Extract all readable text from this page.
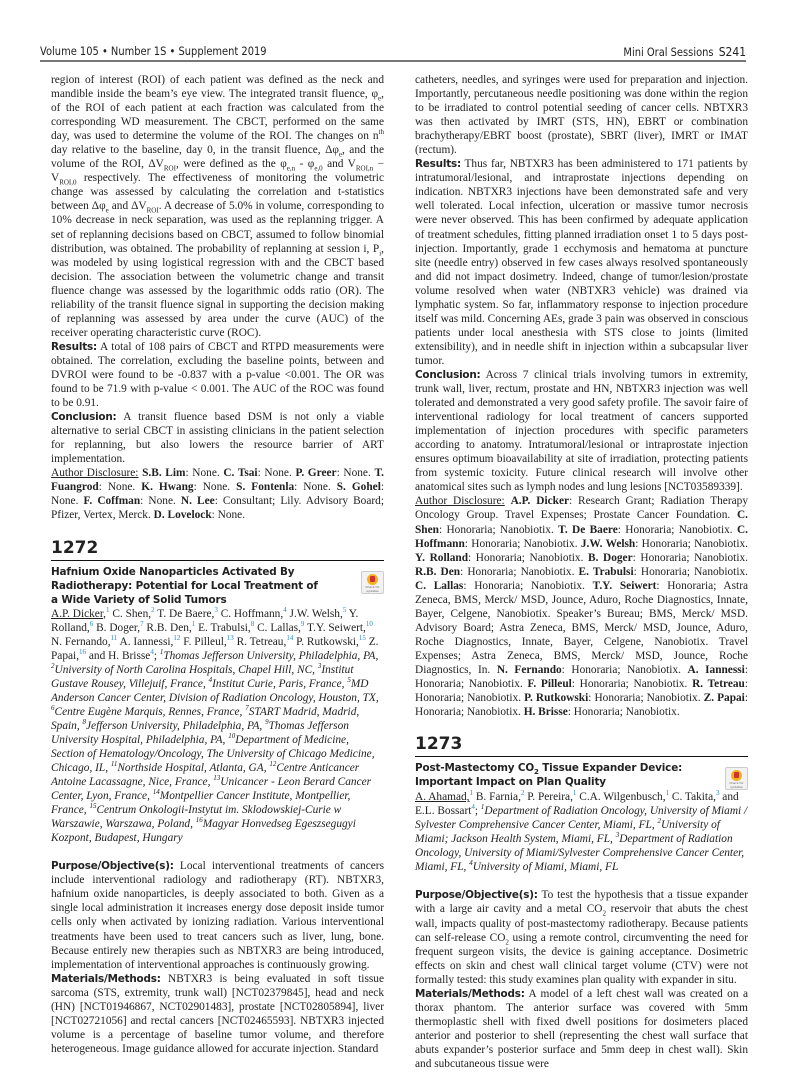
Volume 105 • Number 1S • Supplement 2019	Mini Oral Sessions S241

region of interest (ROI) of each patient was defined as the neck and mandible inside the beam’s eye view. The integrated transit fluence, $\varphi_e$, of the ROI of each patient at each fraction was calculated from the corresponding WD measurement. The CBCT, performed on the same day, was used to determine the volume of the ROI. The changes on $n^{th}$ day relative to the baseline, day 0, in the transit fluence, $\Delta\varphi_e$, and the volume of the ROI, $\Delta V_{ROI}$, were defined as the $\varphi_{e,n} - \varphi_{e,0}$ and $V_{ROI,n} - V_{ROI,0}$ respectively. The effectiveness of monitoring the volumetric change was assessed by calculating the correlation and t-statistics between $\Delta\varphi_e$ and $\Delta V_{ROI}$. A decrease of 5.0% in volume, corresponding to 10% decrease in neck separation, was used as the replanning trigger. A set of replanning decisions based on CBCT, assumed to follow binomial distribution, was obtained. The probability of replanning at session i, $P_i$, was modeled by using logistical regression with and the CBCT based decision. The association between the volumetric change and transit fluence change was assessed by the logarithmic odds ratio (OR). The reliability of the transit fluence signal in supporting the decision making of replanning was assessed by area under the curve (AUC) of the receiver operating characteristic curve (ROC).

Results: A total of 108 pairs of CBCT and RTPD measurements were obtained. The correlation, excluding the baseline points, between and DVROI were found to be -0.837 with a p-value <0.001. The OR was found to be 71.9 with p-value < 0.001. The AUC of the ROC was found to be 0.91.

Conclusion: A transit fluence based DSM is not only a viable alternative to serial CBCT in assisting clinicians in the patient selection for replanning, but also lowers the resource barrier of ART implementation.

Author Disclosure: S.B. Lim: None. C. Tsai: None. P. Greer: None. T. Fuangrod: None. K. Hwang: None. S. Fontenla: None. S. Gohel: None. F. Coffman: None. N. Lee: Consultant; Lily. Advisory Board; Pfizer, Vertex, Merck. D. Lovelock: None.

1272
Hafnium Oxide Nanoparticles Activated By Radiotherapy: Potential for Local Treatment of a Wide Variety of Solid Tumors
Check for updates

A.P. Dicker,$^1$ C. Shen,$^2$ T. De Baere,$^3$ C. Hoffmann,$^4$ J.W. Welsh,$^5$ Y. Rolland,$^6$ B. Doger,$^7$ R.B. Den,$^1$ E. Trabulsi,$^8$ C. Lallas,$^9$ T.Y. Seiwert,$^{10}$ N. Fernando,$^{11}$ A. Iannessi,$^{12}$ F. Pilleul,$^{13}$ R. Tetreau,$^{14}$ P. Rutkowski,$^{15}$ Z. Papai,$^{16}$ and H. Brisse$^4$; $^1$Thomas Jefferson University, Philadelphia, PA, $^2$University of North Carolina Hospitals, Chapel Hill, NC, $^3$Institut Gustave Rousey, Villejuif, France, $^4$Institut Curie, Paris, France, $^5$MD Anderson Cancer Center, Division of Radiation Oncology, Houston, TX, $^6$Centre Eugène Marquis, Rennes, France, $^7$START Madrid, Madrid, Spain, $^8$Jefferson University, Philadelphia, PA, $^9$Thomas Jefferson University Hospital, Philadelphia, PA, $^{10}$Department of Medicine, Section of Hematology/Oncology, The University of Chicago Medicine, Chicago, IL, $^{11}$Northside Hospital, Atlanta, GA, $^{12}$Centre Anticancer Antoine Lacassagne, Nice, France, $^{13}$Unicancer - Leon Berard Cancer Center, Lyon, France, $^{14}$Montpellier Cancer Institute, Montpellier, France, $^{15}$Centrum Onkologii-Instytut im. Sklodowskiej-Curie w Warszawie, Warszawa, Poland, $^{16}$Magyar Honvedseg Egeszsegugyi Kozpont, Budapest, Hungary

Purpose/Objective(s): Local interventional treatments of cancers include interventional radiology and radiotherapy (RT). NBTXR3, hafnium oxide nanoparticles, is deeply associated to both. Given as a single local administration it increases energy dose deposit inside tumor cells only when activated by ionizing radiation. Various interventional treatments have been used to treat cancers such as liver, lung, bone. Because entirely new therapies such as NBTXR3 are being introduced, implementation of interventional approaches is continuously growing.

Materials/Methods: NBTXR3 is being evaluated in soft tissue sarcoma (STS, extremity, trunk wall) [NCT02379845], head and neck (HN) [NCT01946867, NCT02901483], prostate [NCT02805894], liver [NCT02721056] and rectal cancers [NCT02465593]. NBTXR3 injected volume is a percentage of baseline tumor volume, and therefore heterogeneous. Image guidance allowed for accurate injection. Standard

catheters, needles, and syringes were used for preparation and injection. Importantly, percutaneous needle positioning was done within the region to be irradiated to control potential seeding of cancer cells. NBTXR3 was then activated by IMRT (STS, HN), EBRT or combination brachytherapy/EBRT boost (prostate), SBRT (liver), IMRT or IMAT (rectum).

Results: Thus far, NBTXR3 has been administered to 171 patients by intratumoral/lesional, and intraprostate injections depending on indication. NBTXR3 injections have been demonstrated safe and very well tolerated. Local infection, ulceration or massive tumor necrosis were never observed. This has been confirmed by adequate application of treatment schedules, fitting planned irradiation onset 1 to 5 days post-injection. Importantly, grade 1 ecchymosis and hematoma at puncture site (needle entry) observed in few cases always resolved spontaneously and did not impact dosimetry. Indeed, change of tumor/lesion/prostate volume resolved when water (NBTXR3 vehicle) was drained via lymphatic system. So far, inflammatory response to injection procedure itself was mild. Concerning AEs, grade 3 pain was observed in conscious patients under local anesthesia with STS close to joints (limited extensibility), and in needle shift in injection within a subcapsular liver tumor.

Conclusion: Across 7 clinical trials involving tumors in extremity, trunk wall, liver, rectum, prostate and HN, NBTXR3 injection was well tolerated and demonstrated a very good safety profile. The savoir faire of interventional radiology for local treatment of cancers supported implementation of injection procedures with specific parameters according to anatomy. Intratumoral/lesional or intraprostate injection ensures optimum bioavailability at site of irradiation, protecting patients from systemic toxicity. Future clinical research will involve other anatomical sites such as lymph nodes and lung lesions [NCT03589339].

Author Disclosure: A.P. Dicker: Research Grant; Radiation Therapy Oncology Group. Travel Expenses; Prostate Cancer Foundation. C. Shen: Honoraria; Nanobiotix. T. De Baere: Honoraria; Nanobiotix. C. Hoffmann: Honoraria; Nanobiotix. J.W. Welsh: Honoraria; Nanobiotix. Y. Rolland: Honoraria; Nanobiotix. B. Doger: Honoraria; Nanobiotix. R.B. Den: Honoraria; Nanobiotix. E. Trabulsi: Honoraria; Nanobiotix. C. Lallas: Honoraria; Nanobiotix. T.Y. Seiwert: Honoraria; Astra Zeneca, BMS, Merck/ MSD, Jounce, Aduro, Roche Diagnostics, Innate, Bayer, Celgene, Nanobiotix. Speaker’s Bureau; BMS, Merck/ MSD. Advisory Board; Astra Zeneca, BMS, Merck/ MSD, Jounce, Aduro, Roche Diagnostics, Innate, Bayer, Celgene, Nanobiotix. Travel Expenses; Astra Zeneca, BMS, Merck/ MSD, Jounce, Roche Diagnostics, In. N. Fernando: Honoraria; Nanobiotix. A. Iannessi: Honoraria; Nanobiotix. F. Pilleul: Honoraria; Nanobiotix. R. Tetreau: Honoraria; Nanobiotix. P. Rutkowski: Honoraria; Nanobiotix. Z. Papai: Honoraria; Nanobiotix. H. Brisse: Honoraria; Nanobiotix.

1273
Post-Mastectomy $CO_2$ Tissue Expander Device: Important Impact on Plan Quality	Check for updates

A. Ahamad,$^1$ B. Farnia,$^2$ P. Pereira,$^1$ C.A. Wilgenbusch,$^1$ C. Takita,$^3$ and E.L. Bossart$^4$; $^1$Department of Radiation Oncology, University of Miami / Sylvester Comprehensive Cancer Center, Miami, FL, $^2$University of Miami; Jackson Health System, Miami, FL, $^3$Department of Radiation Oncology, University of Miami/Sylvester Comprehensive Cancer Center, Miami, FL, $^4$University of Miami, Miami, FL

Purpose/Objective(s): To test the hypothesis that a tissue expander with a large air cavity and a metal $CO_2$ reservoir that abuts the chest wall, impacts quality of post-mastectomy radiotherapy. Because patients can self-release $CO_2$ using a remote control, circumventing the need for frequent surgeon visits, the device is gaining acceptance. Dosimetric effects on skin and chest wall clinical target volume (CTV) were not formally tested: this study examines plan quality with expander in situ.

Materials/Methods: A model of a left chest wall was created on a thorax phantom. The anterior surface was covered with 5mm thermoplastic shell with fixed dwell positions for dosimeters placed anterior and posterior to shell (representing the chest wall surface that abuts expander’s posterior surface and 5mm deep in chest wall). Skin and subcutaneous tissue were
